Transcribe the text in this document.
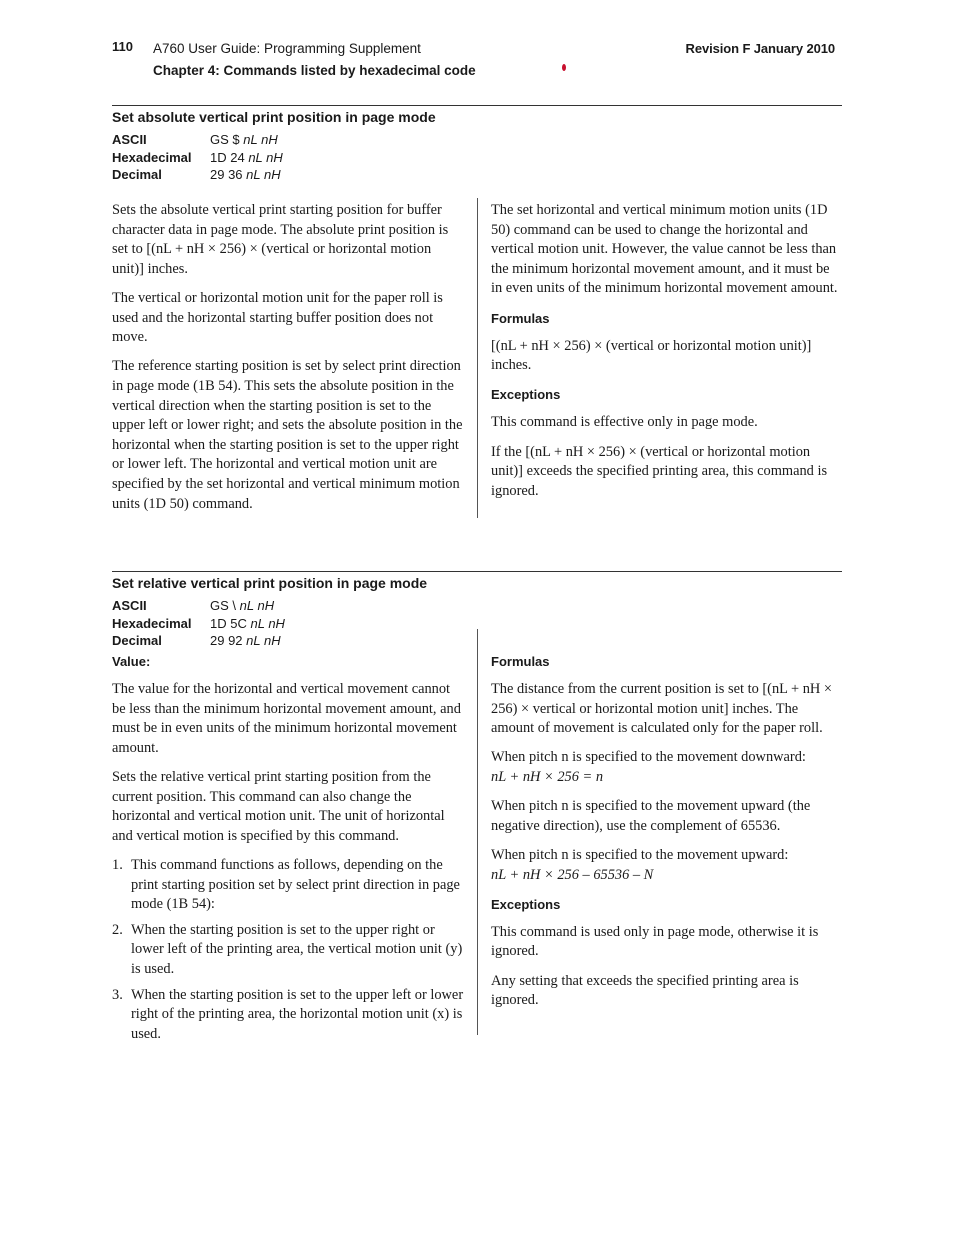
110 A760 User Guide: Programming Supplement
Chapter 4: Commands listed by hexadecimal code
Revision F January 2010
Set absolute vertical print position in page mode
ASCII	GS $ nL nH
Hexadecimal	1D 24 nL nH
Decimal	29 36 nL nH

Sets the absolute vertical print starting position for buffer character data in page mode. The absolute print position is set to [(nL + nH × 256) × (vertical or horizontal motion unit)] inches.

The vertical or horizontal motion unit for the paper roll is used and the horizontal starting buffer position does not move.

The reference starting position is set by select print direction in page mode (1B 54). This sets the absolute position in the vertical direction when the starting position is set to the upper left or lower right; and sets the absolute position in the horizontal when the starting position is set to the upper right or lower left. The horizontal and vertical motion unit are specified by the set horizontal and vertical minimum motion units (1D 50) command.

The set horizontal and vertical minimum motion units (1D 50) command can be used to change the horizontal and vertical motion unit. However, the value cannot be less than the minimum horizontal movement amount, and it must be in even units of the minimum horizontal movement amount.

Formulas

[(nL + nH × 256) × (vertical or horizontal motion unit)] inches.

Exceptions

This command is effective only in page mode.

If the [(nL + nH × 256) × (vertical or horizontal motion unit)] exceeds the specified printing area, this command is ignored.

Set relative vertical print position in page mode
ASCII	GS \ nL nH
Hexadecimal	1D 5C nL nH
Decimal	29 92 nL nH
Value:

The value for the horizontal and vertical movement cannot be less than the minimum horizontal movement amount, and must be in even units of the minimum horizontal movement amount.

Sets the relative vertical print starting position from the current position. This command can also change the horizontal and vertical motion unit. The unit of horizontal and vertical motion is specified by this command.

1. This command functions as follows, depending on the print starting position set by select print direction in page mode (1B 54):
2. When the starting position is set to the upper right or lower left of the printing area, the vertical motion unit (y) is used.
3. When the starting position is set to the upper left or lower right of the printing area, the horizontal motion unit (x) is used.
Formulas

The distance from the current position is set to [(nL + nH × 256) × vertical or horizontal motion unit] inches. The amount of movement is calculated only for the paper roll.

When pitch n is specified to the movement downward:
nL + nH × 256 = n

When pitch n is specified to the movement upward (the negative direction), use the complement of 65536.

When pitch n is specified to the movement upward:
nL + nH × 256 – 65536 – N

Exceptions

This command is used only in page mode, otherwise it is ignored.

Any setting that exceeds the specified printing area is ignored.
